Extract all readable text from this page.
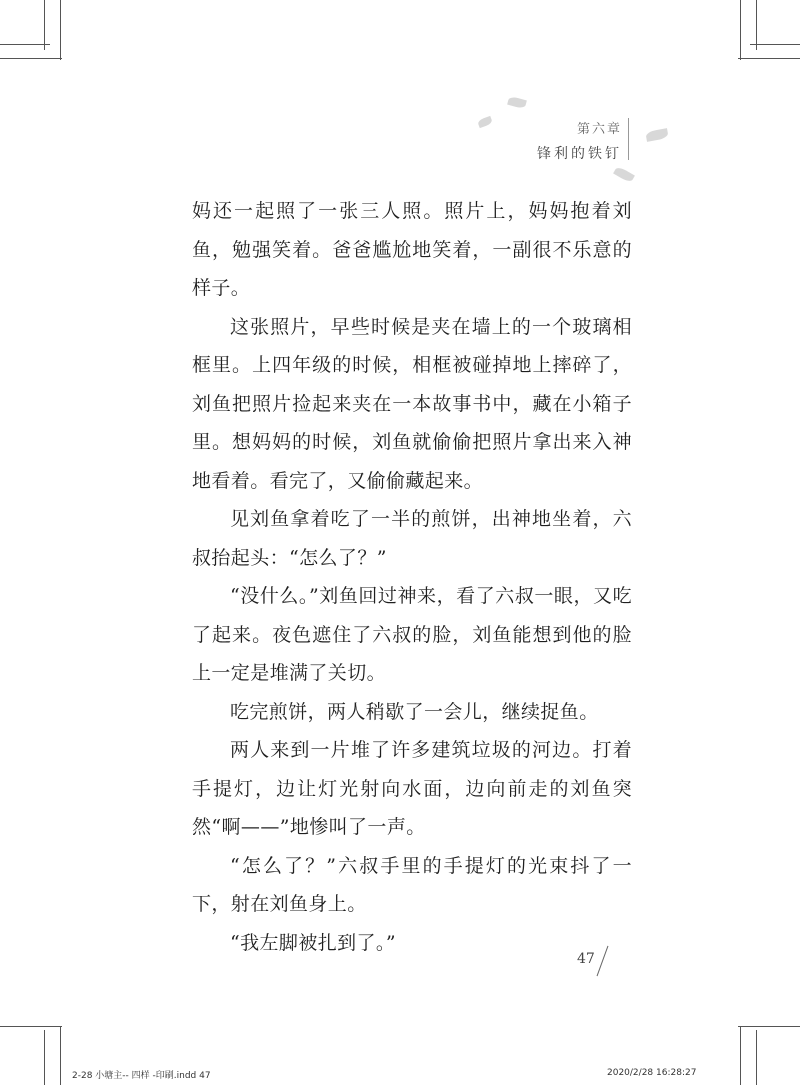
第六章
锋利的铁钉

妈还一起照了一张三人照。照片上，妈妈抱着刘鱼，勉强笑着。爸爸尴尬地笑着，一副很不乐意的样子。

这张照片，早些时候是夹在墙上的一个玻璃相框里。上四年级的时候，相框被碰掉地上摔碎了，刘鱼把照片捡起来夹在一本故事书中，藏在小箱子里。想妈妈的时候，刘鱼就偷偷把照片拿出来入神地看着。看完了，又偷偷藏起来。

见刘鱼拿着吃了一半的煎饼，出神地坐着，六叔抬起头：“怎么了？”

“没什么。”刘鱼回过神来，看了六叔一眼，又吃了起来。夜色遮住了六叔的脸，刘鱼能想到他的脸上一定是堆满了关切。

吃完煎饼，两人稍歇了一会儿，继续捉鱼。

两人来到一片堆了许多建筑垃圾的河边。打着手提灯，边让灯光射向水面，边向前走的刘鱼突然“啊——”地惨叫了一声。

“怎么了？”六叔手里的手提灯的光束抖了一下，射在刘鱼身上。

“我左脚被扎到了。”

47
2-28 小塘主-- 四样 -印刷.indd 47	2020/2/28 16:28:27
